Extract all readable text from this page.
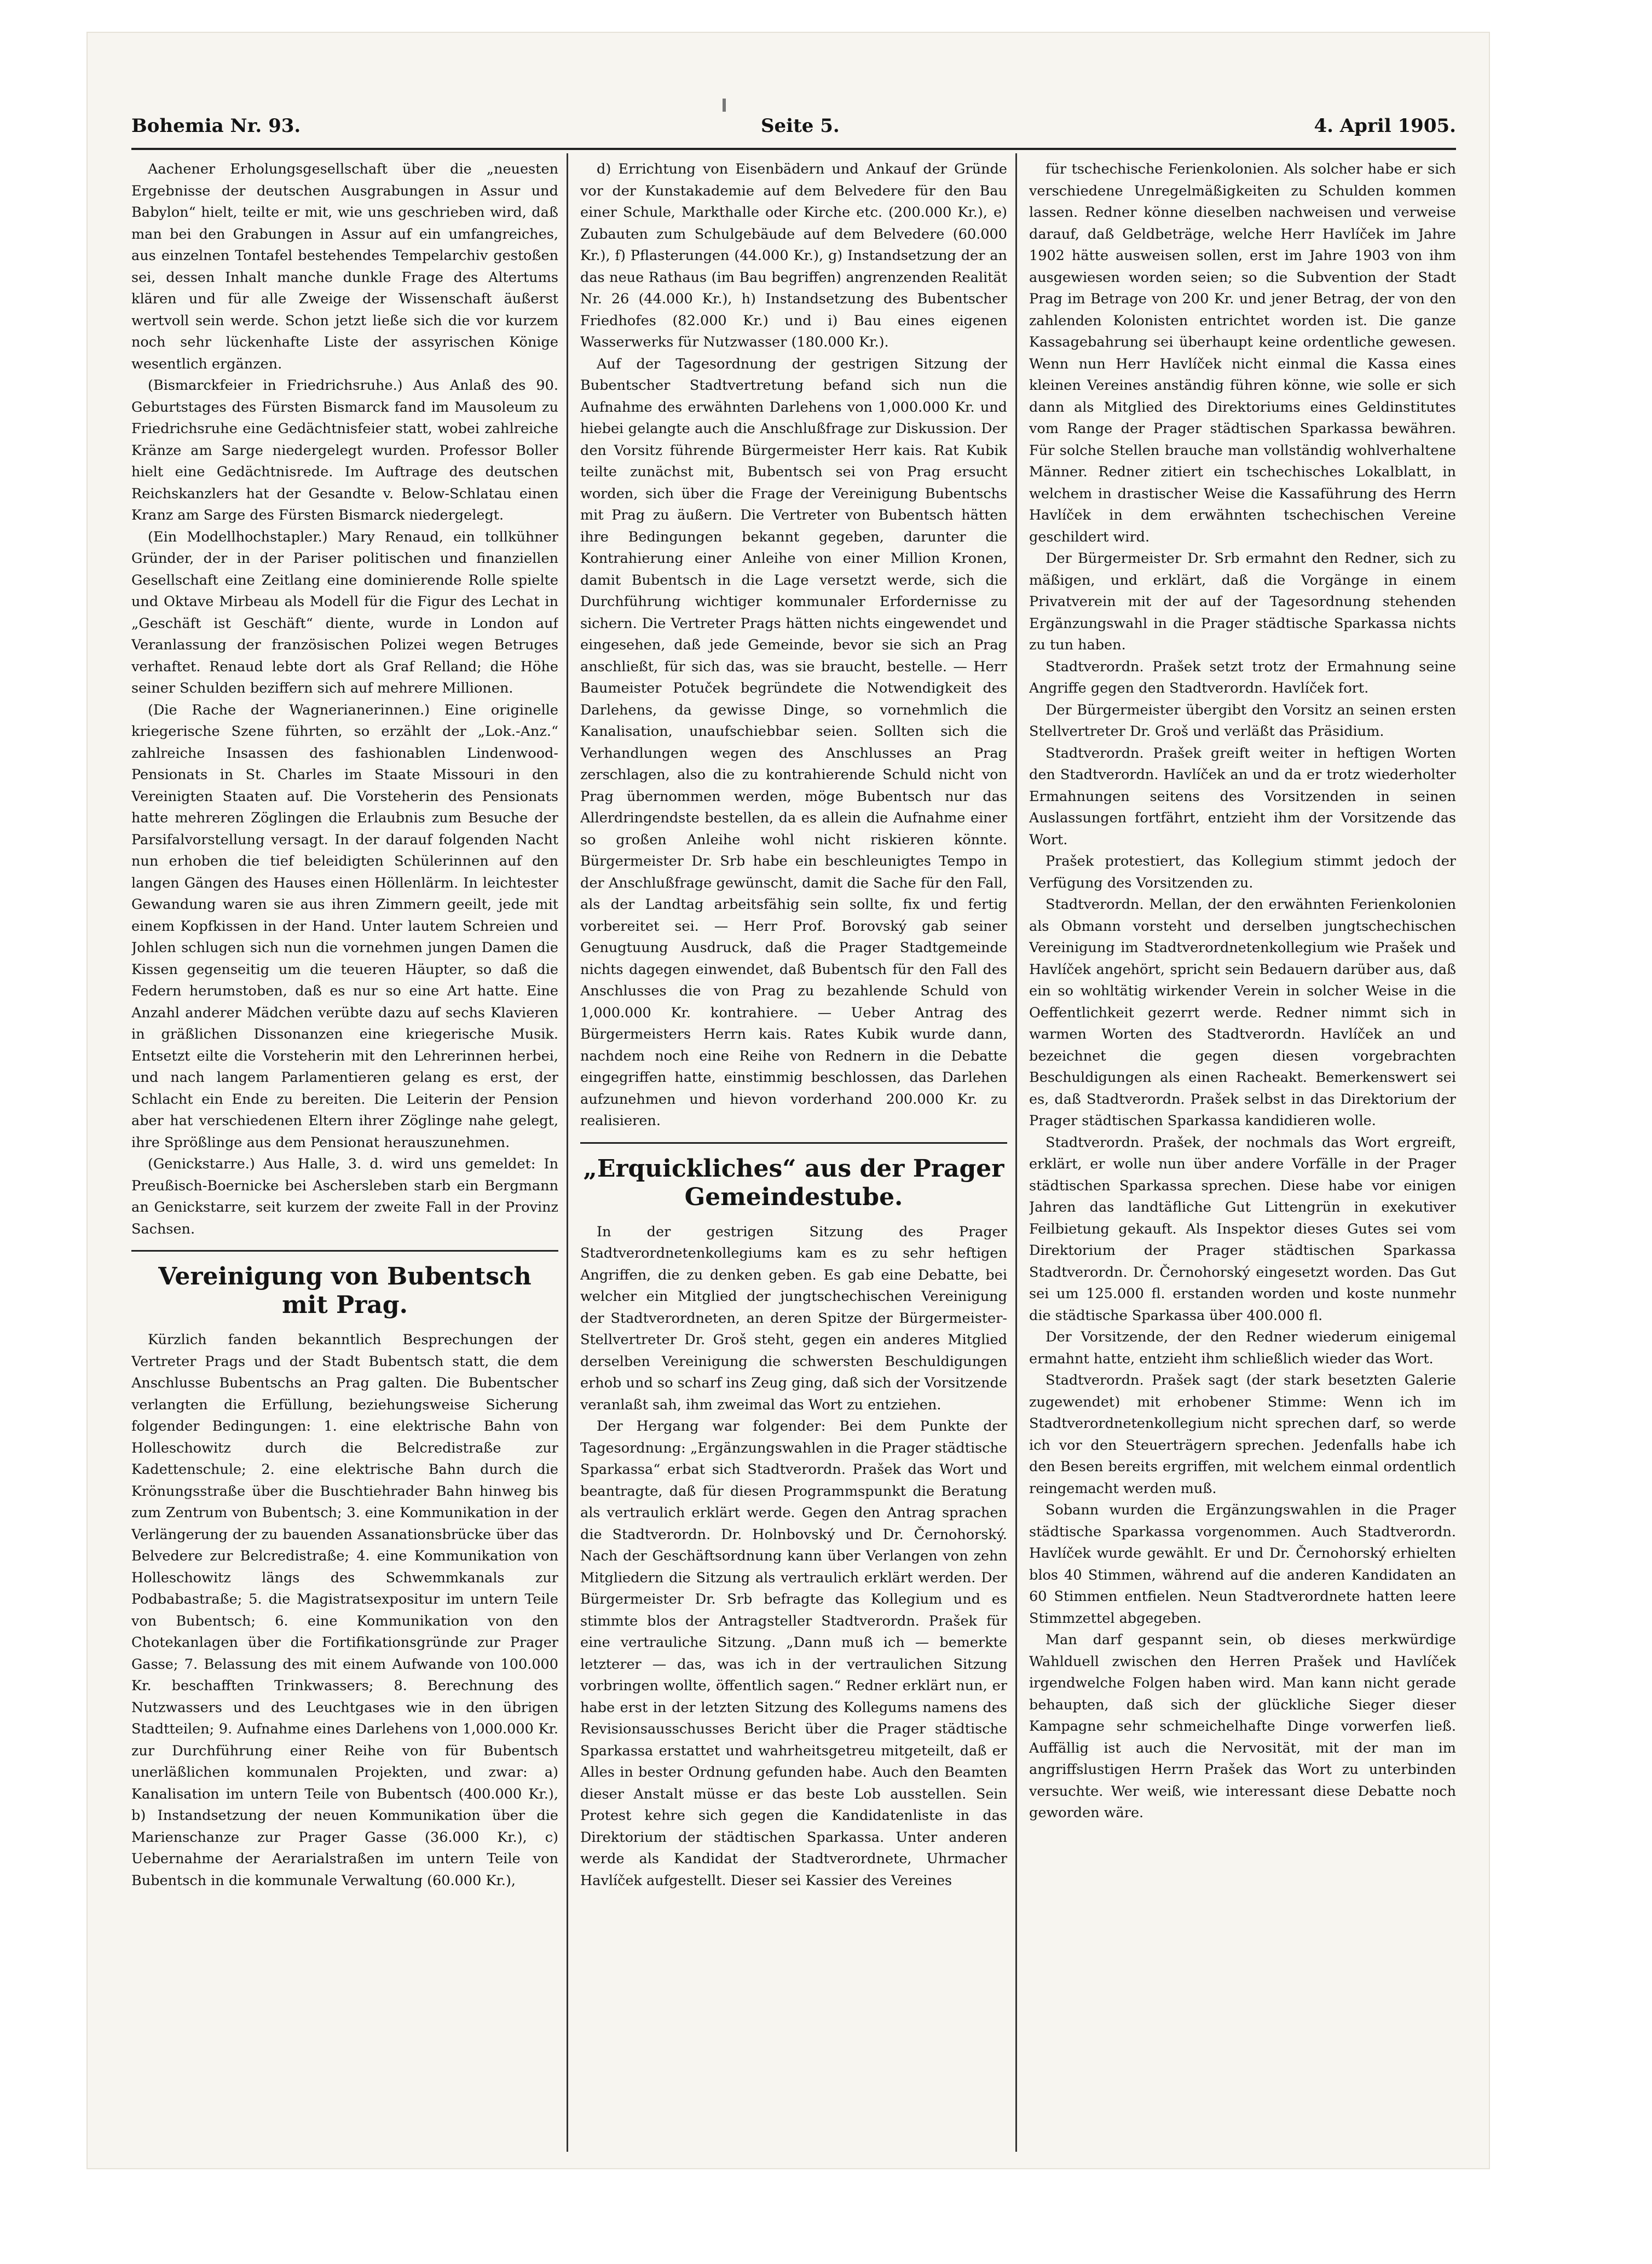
Bohemia Nr. 93.	Seite 5.	4. April 1905.

Aachener Erholungsgesellschaft über die „neuesten Ergebnisse der deutschen Ausgrabungen in Assur und Babylon“ hielt, teilte er mit, wie uns geschrieben wird, daß man bei den Grabungen in Assur auf ein umfangreiches, aus einzelnen Tontafel bestehendes Tempelarchiv gestoßen sei, dessen Inhalt manche dunkle Frage des Altertums klären und für alle Zweige der Wissenschaft äußerst wertvoll sein werde. Schon jetzt ließe sich die vor kurzem noch sehr lückenhafte Liste der assyrischen Könige wesentlich ergänzen.

(Bismarckfeier in Friedrichsruhe.) Aus Anlaß des 90. Geburtstages des Fürsten Bismarck fand im Mausoleum zu Friedrichsruhe eine Gedächtnisfeier statt, wobei zahlreiche Kränze am Sarge niedergelegt wurden. Professor Boller hielt eine Gedächtnisrede. Im Auftrage des deutschen Reichskanzlers hat der Gesandte v. Below-Schlatau einen Kranz am Sarge des Fürsten Bismarck niedergelegt.

(Ein Modellhochstapler.) Mary Renaud, ein tollkühner Gründer, der in der Pariser politischen und finanziellen Gesellschaft eine Zeitlang eine dominierende Rolle spielte und Oktave Mirbeau als Modell für die Figur des Lechat in „Geschäft ist Geschäft“ diente, wurde in London auf Veranlassung der französischen Polizei wegen Betruges verhaftet. Renaud lebte dort als Graf Relland; die Höhe seiner Schulden beziffern sich auf mehrere Millionen.

(Die Rache der Wagnerianerinnen.) Eine originelle kriegerische Szene führten, so erzählt der „Lok.-Anz.“ zahlreiche Insassen des fashionablen Lindenwood-Pensionats in St. Charles im Staate Missouri in den Vereinigten Staaten auf. Die Vorsteherin des Pensionats hatte mehreren Zöglingen die Erlaubnis zum Besuche der Parsifalvorstellung versagt. In der darauf folgenden Nacht nun erhoben die tief beleidigten Schülerinnen auf den langen Gängen des Hauses einen Höllenlärm. In leichtester Gewandung waren sie aus ihren Zimmern geeilt, jede mit einem Kopfkissen in der Hand. Unter lautem Schreien und Johlen schlugen sich nun die vornehmen jungen Damen die Kissen gegenseitig um die teueren Häupter, so daß die Federn herumstoben, daß es nur so eine Art hatte. Eine Anzahl anderer Mädchen verübte dazu auf sechs Klavieren in gräßlichen Dissonanzen eine kriegerische Musik. Entsetzt eilte die Vorsteherin mit den Lehrerinnen herbei, und nach langem Parlamentieren gelang es erst, der Schlacht ein Ende zu bereiten. Die Leiterin der Pension aber hat verschiedenen Eltern ihrer Zöglinge nahe gelegt, ihre Sprößlinge aus dem Pensionat herauszunehmen.

(Genickstarre.) Aus Halle, 3. d. wird uns gemeldet: In Preußisch-Boernicke bei Aschersleben starb ein Bergmann an Genickstarre, seit kurzem der zweite Fall in der Provinz Sachsen.

Vereinigung von Bubentsch mit Prag.

Kürzlich fanden bekanntlich Besprechungen der Vertreter Prags und der Stadt Bubentsch statt, die dem Anschlusse Bubentschs an Prag galten. Die Bubentscher verlangten die Erfüllung, beziehungsweise Sicherung folgender Bedingungen: 1. eine elektrische Bahn von Holleschowitz durch die Belcredistraße zur Kadettenschule; 2. eine elektrische Bahn durch die Krönungsstraße über die Buschtiehrader Bahn hinweg bis zum Zentrum von Bubentsch; 3. eine Kommunikation in der Verlängerung der zu bauenden Assanationsbrücke über das Belvedere zur Belcredistraße; 4. eine Kommunikation von Holleschowitz längs des Schwemmkanals zur Podbabastraße; 5. die Magistratsexpositur im untern Teile von Bubentsch; 6. eine Kommunikation von den Chotekanlagen über die Fortifikationsgründe zur Prager Gasse; 7. Belassung des mit einem Aufwande von 100.000 Kr. beschafften Trinkwassers; 8. Berechnung des Nutzwassers und des Leuchtgases wie in den übrigen Stadtteilen; 9. Aufnahme eines Darlehens von 1,000.000 Kr. zur Durchführung einer Reihe von für Bubentsch unerläßlichen kommunalen Projekten, und zwar: a) Kanalisation im untern Teile von Bubentsch (400.000 Kr.), b) Instandsetzung der neuen Kommunikation über die Marienschanze zur Prager Gasse (36.000 Kr.), c) Uebernahme der Aerarialstraßen im untern Teile von Bubentsch in die kommunale Verwaltung (60.000 Kr.),

d) Errichtung von Eisenbädern und Ankauf der Gründe vor der Kunstakademie auf dem Belvedere für den Bau einer Schule, Markthalle oder Kirche etc. (200.000 Kr.), e) Zubauten zum Schulgebäude auf dem Belvedere (60.000 Kr.), f) Pflasterungen (44.000 Kr.), g) Instandsetzung der an das neue Rathaus (im Bau begriffen) angrenzenden Realität Nr. 26 (44.000 Kr.), h) Instandsetzung des Bubentscher Friedhofes (82.000 Kr.) und i) Bau eines eigenen Wasserwerks für Nutzwasser (180.000 Kr.).

Auf der Tagesordnung der gestrigen Sitzung der Bubentscher Stadtvertretung befand sich nun die Aufnahme des erwähnten Darlehens von 1,000.000 Kr. und hiebei gelangte auch die Anschlußfrage zur Diskussion. Der den Vorsitz führende Bürgermeister Herr kais. Rat Kubik teilte zunächst mit, Bubentsch sei von Prag ersucht worden, sich über die Frage der Vereinigung Bubentschs mit Prag zu äußern. Die Vertreter von Bubentsch hätten ihre Bedingungen bekannt gegeben, darunter die Kontrahierung einer Anleihe von einer Million Kronen, damit Bubentsch in die Lage versetzt werde, sich die Durchführung wichtiger kommunaler Erfordernisse zu sichern. Die Vertreter Prags hätten nichts eingewendet und eingesehen, daß jede Gemeinde, bevor sie sich an Prag anschließt, für sich das, was sie braucht, bestelle. — Herr Baumeister Potuček begründete die Notwendigkeit des Darlehens, da gewisse Dinge, so vornehmlich die Kanalisation, unaufschiebbar seien. Sollten sich die Verhandlungen wegen des Anschlusses an Prag zerschlagen, also die zu kontrahierende Schuld nicht von Prag übernommen werden, möge Bubentsch nur das Allerdringendste bestellen, da es allein die Aufnahme einer so großen Anleihe wohl nicht riskieren könnte. Bürgermeister Dr. Srb habe ein beschleunigtes Tempo in der Anschlußfrage gewünscht, damit die Sache für den Fall, als der Landtag arbeitsfähig sein sollte, fix und fertig vorbereitet sei. — Herr Prof. Borovský gab seiner Genugtuung Ausdruck, daß die Prager Stadtgemeinde nichts dagegen einwendet, daß Bubentsch für den Fall des Anschlusses die von Prag zu bezahlende Schuld von 1,000.000 Kr. kontrahiere. — Ueber Antrag des Bürgermeisters Herrn kais. Rates Kubik wurde dann, nachdem noch eine Reihe von Rednern in die Debatte eingegriffen hatte, einstimmig beschlossen, das Darlehen aufzunehmen und hievon vorderhand 200.000 Kr. zu realisieren.

„Erquickliches“ aus der Prager Gemeindestube.

In der gestrigen Sitzung des Prager Stadtverordnetenkollegiums kam es zu sehr heftigen Angriffen, die zu denken geben. Es gab eine Debatte, bei welcher ein Mitglied der jungtschechischen Vereinigung der Stadtverordneten, an deren Spitze der Bürgermeister-Stellvertreter Dr. Groš steht, gegen ein anderes Mitglied derselben Vereinigung die schwersten Beschuldigungen erhob und so scharf ins Zeug ging, daß sich der Vorsitzende veranlaßt sah, ihm zweimal das Wort zu entziehen.

Der Hergang war folgender: Bei dem Punkte der Tagesordnung: „Ergänzungswahlen in die Prager städtische Sparkassa“ erbat sich Stadtverordn. Prašek das Wort und beantragte, daß für diesen Programmspunkt die Beratung als vertraulich erklärt werde. Gegen den Antrag sprachen die Stadtverordn. Dr. Holnbovský und Dr. Černohorský. Nach der Geschäftsordnung kann über Verlangen von zehn Mitgliedern die Sitzung als vertraulich erklärt werden. Der Bürgermeister Dr. Srb befragte das Kollegium und es stimmte blos der Antragsteller Stadtverordn. Prašek für eine vertrauliche Sitzung. „Dann muß ich — bemerkte letzterer — das, was ich in der vertraulichen Sitzung vorbringen wollte, öffentlich sagen.“ Redner erklärt nun, er habe erst in der letzten Sitzung des Kollegums namens des Revisionsausschusses Bericht über die Prager städtische Sparkassa erstattet und wahrheitsgetreu mitgeteilt, daß er Alles in bester Ordnung gefunden habe. Auch den Beamten dieser Anstalt müsse er das beste Lob ausstellen. Sein Protest kehre sich gegen die Kandidatenliste in das Direktorium der städtischen Sparkassa. Unter anderen werde als Kandidat der Stadtverordnete, Uhrmacher Havlíček aufgestellt. Dieser sei Kassier des Vereines

für tschechische Ferienkolonien. Als solcher habe er sich verschiedene Unregelmäßigkeiten zu Schulden kommen lassen. Redner könne dieselben nachweisen und verweise darauf, daß Geldbeträge, welche Herr Havlíček im Jahre 1902 hätte ausweisen sollen, erst im Jahre 1903 von ihm ausgewiesen worden seien; so die Subvention der Stadt Prag im Betrage von 200 Kr. und jener Betrag, der von den zahlenden Kolonisten entrichtet worden ist. Die ganze Kassagebahrung sei überhaupt keine ordentliche gewesen. Wenn nun Herr Havlíček nicht einmal die Kassa eines kleinen Vereines anständig führen könne, wie solle er sich dann als Mitglied des Direktoriums eines Geldinstitutes vom Range der Prager städtischen Sparkassa bewähren. Für solche Stellen brauche man vollständig wohlverhaltene Männer. Redner zitiert ein tschechisches Lokalblatt, in welchem in drastischer Weise die Kassaführung des Herrn Havlíček in dem erwähnten tschechischen Vereine geschildert wird.

Der Bürgermeister Dr. Srb ermahnt den Redner, sich zu mäßigen, und erklärt, daß die Vorgänge in einem Privatverein mit der auf der Tagesordnung stehenden Ergänzungswahl in die Prager städtische Sparkassa nichts zu tun haben.

Stadtverordn. Prašek setzt trotz der Ermahnung seine Angriffe gegen den Stadtverordn. Havlíček fort.

Der Bürgermeister übergibt den Vorsitz an seinen ersten Stellvertreter Dr. Groš und verläßt das Präsidium.

Stadtverordn. Prašek greift weiter in heftigen Worten den Stadtverordn. Havlíček an und da er trotz wiederholter Ermahnungen seitens des Vorsitzenden in seinen Auslassungen fortfährt, entzieht ihm der Vorsitzende das Wort.

Prašek protestiert, das Kollegium stimmt jedoch der Verfügung des Vorsitzenden zu.

Stadtverordn. Mellan, der den erwähnten Ferienkolonien als Obmann vorsteht und derselben jungtschechischen Vereinigung im Stadtverordnetenkollegium wie Prašek und Havlíček angehört, spricht sein Bedauern darüber aus, daß ein so wohltätig wirkender Verein in solcher Weise in die Oeffentlichkeit gezerrt werde. Redner nimmt sich in warmen Worten des Stadtverordn. Havlíček an und bezeichnet die gegen diesen vorgebrachten Beschuldigungen als einen Racheakt. Bemerkenswert sei es, daß Stadtverordn. Prašek selbst in das Direktorium der Prager städtischen Sparkassa kandidieren wolle.

Stadtverordn. Prašek, der nochmals das Wort ergreift, erklärt, er wolle nun über andere Vorfälle in der Prager städtischen Sparkassa sprechen. Diese habe vor einigen Jahren das landtäfliche Gut Littengrün in exekutiver Feilbietung gekauft. Als Inspektor dieses Gutes sei vom Direktorium der Prager städtischen Sparkassa Stadtverordn. Dr. Černohorský eingesetzt worden. Das Gut sei um 125.000 fl. erstanden worden und koste nunmehr die städtische Sparkassa über 400.000 fl.

Der Vorsitzende, der den Redner wiederum einigemal ermahnt hatte, entzieht ihm schließlich wieder das Wort.

Stadtverordn. Prašek sagt (der stark besetzten Galerie zugewendet) mit erhobener Stimme: Wenn ich im Stadtverordnetenkollegium nicht sprechen darf, so werde ich vor den Steuerträgern sprechen. Jedenfalls habe ich den Besen bereits ergriffen, mit welchem einmal ordentlich reingemacht werden muß.

Sobann wurden die Ergänzungswahlen in die Prager städtische Sparkassa vorgenommen. Auch Stadtverordn. Havlíček wurde gewählt. Er und Dr. Černohorský erhielten blos 40 Stimmen, während auf die anderen Kandidaten an 60 Stimmen entfielen. Neun Stadtverordnete hatten leere Stimmzettel abgegeben.

Man darf gespannt sein, ob dieses merkwürdige Wahlduell zwischen den Herren Prašek und Havlíček irgendwelche Folgen haben wird. Man kann nicht gerade behaupten, daß sich der glückliche Sieger dieser Kampagne sehr schmeichelhafte Dinge vorwerfen ließ. Auffällig ist auch die Nervosität, mit der man im angriffslustigen Herrn Prašek das Wort zu unterbinden versuchte. Wer weiß, wie interessant diese Debatte noch geworden wäre.
